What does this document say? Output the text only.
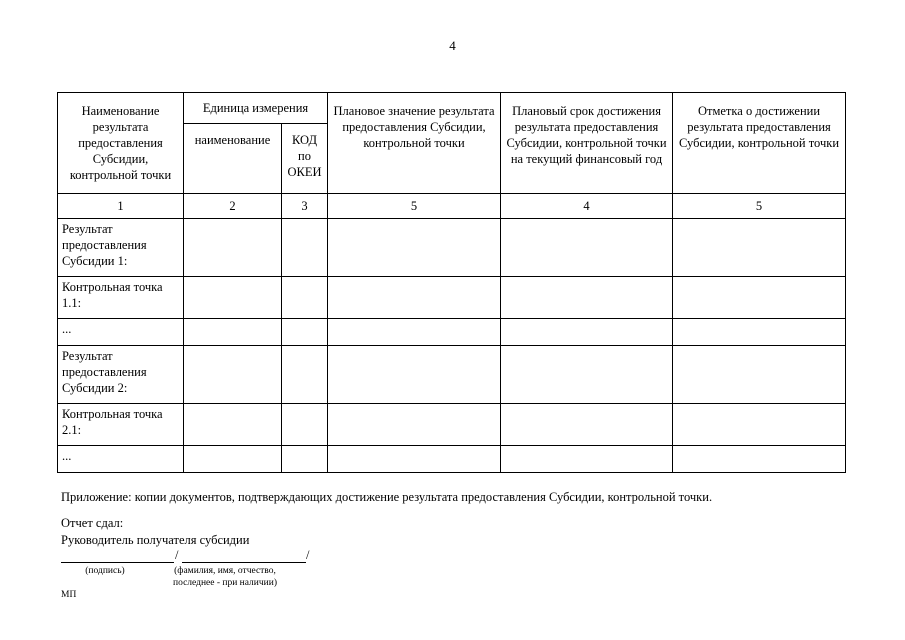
4
Наименование результата предоставления Субсидии, контрольной точки	Единица измерения		Плановое значение результата предоставления Субсидии, контрольной точки	Плановый срок достижения результата предоставления Субсидии, контрольной точки на текущий финансовый год	Отметка о достижении результата предоставления Субсидии, контрольной точки
	наименование	КОД по ОКЕИ			
1	2	3	5	4	5
Результат предоставления Субсидии 1:					
Контрольная точка 1.1:					
...					
Результат предоставления Субсидии 2:					
Контрольная точка 2.1:					
...					
Приложение: копии документов, подтверждающих достижение результата предоставления Субсидии, контрольной точки.
Отчет сдал:
Руководитель получателя субсидии
/	/
(подпись)	(фамилия, имя, отчество, последнее - при наличии)
МП
